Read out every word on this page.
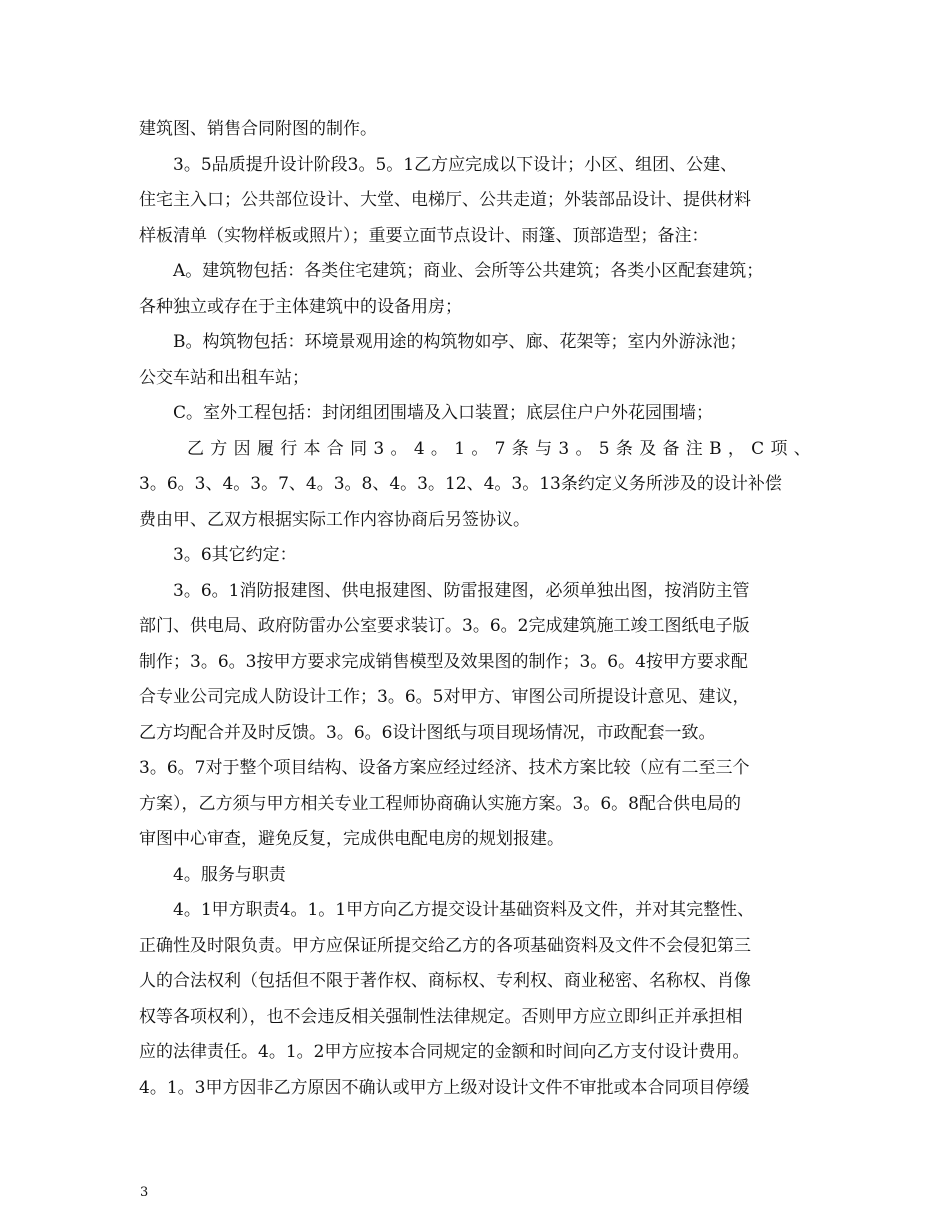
建筑图、销售合同附图的制作。
3。5品质提升设计阶段3。5。1乙方应完成以下设计；小区、组团、公建、
住宅主入口；公共部位设计、大堂、电梯厅、公共走道；外装部品设计、提供材料
样板清单（实物样板或照片）；重要立面节点设计、雨篷、顶部造型；备注：
A。建筑物包括：各类住宅建筑；商业、会所等公共建筑；各类小区配套建筑；
各种独立或存在于主体建筑中的设备用房；
B。构筑物包括：环境景观用途的构筑物如亭、廊、花架等；室内外游泳池；
公交车站和出租车站；
C。室外工程包括：封闭组团围墙及入口装置；底层住户户外花园围墙；
乙方因履行本合同3。4。1。7条与3。5条及备注B，C项、
3。6。3、4。3。7、4。3。8、4。3。12、4。3。13条约定义务所涉及的设计补偿
费由甲、乙双方根据实际工作内容协商后另签协议。
3。6其它约定：
3。6。1消防报建图、供电报建图、防雷报建图，必须单独出图，按消防主管
部门、供电局、政府防雷办公室要求装订。3。6。2完成建筑施工竣工图纸电子版
制作；3。6。3按甲方要求完成销售模型及效果图的制作；3。6。4按甲方要求配
合专业公司完成人防设计工作；3。6。5对甲方、审图公司所提设计意见、建议，
乙方均配合并及时反馈。3。6。6设计图纸与项目现场情况，市政配套一致。
3。6。7对于整个项目结构、设备方案应经过经济、技术方案比较（应有二至三个
方案），乙方须与甲方相关专业工程师协商确认实施方案。3。6。8配合供电局的
审图中心审查，避免反复，完成供电配电房的规划报建。
4。服务与职责
4。1甲方职责4。1。1甲方向乙方提交设计基础资料及文件，并对其完整性、
正确性及时限负责。甲方应保证所提交给乙方的各项基础资料及文件不会侵犯第三
人的合法权利（包括但不限于著作权、商标权、专利权、商业秘密、名称权、肖像
权等各项权利），也不会违反相关强制性法律规定。否则甲方应立即纠正并承担相
应的法律责任。4。1。2甲方应按本合同规定的金额和时间向乙方支付设计费用。
4。1。3甲方因非乙方原因不确认或甲方上级对设计文件不审批或本合同项目停缓
3
